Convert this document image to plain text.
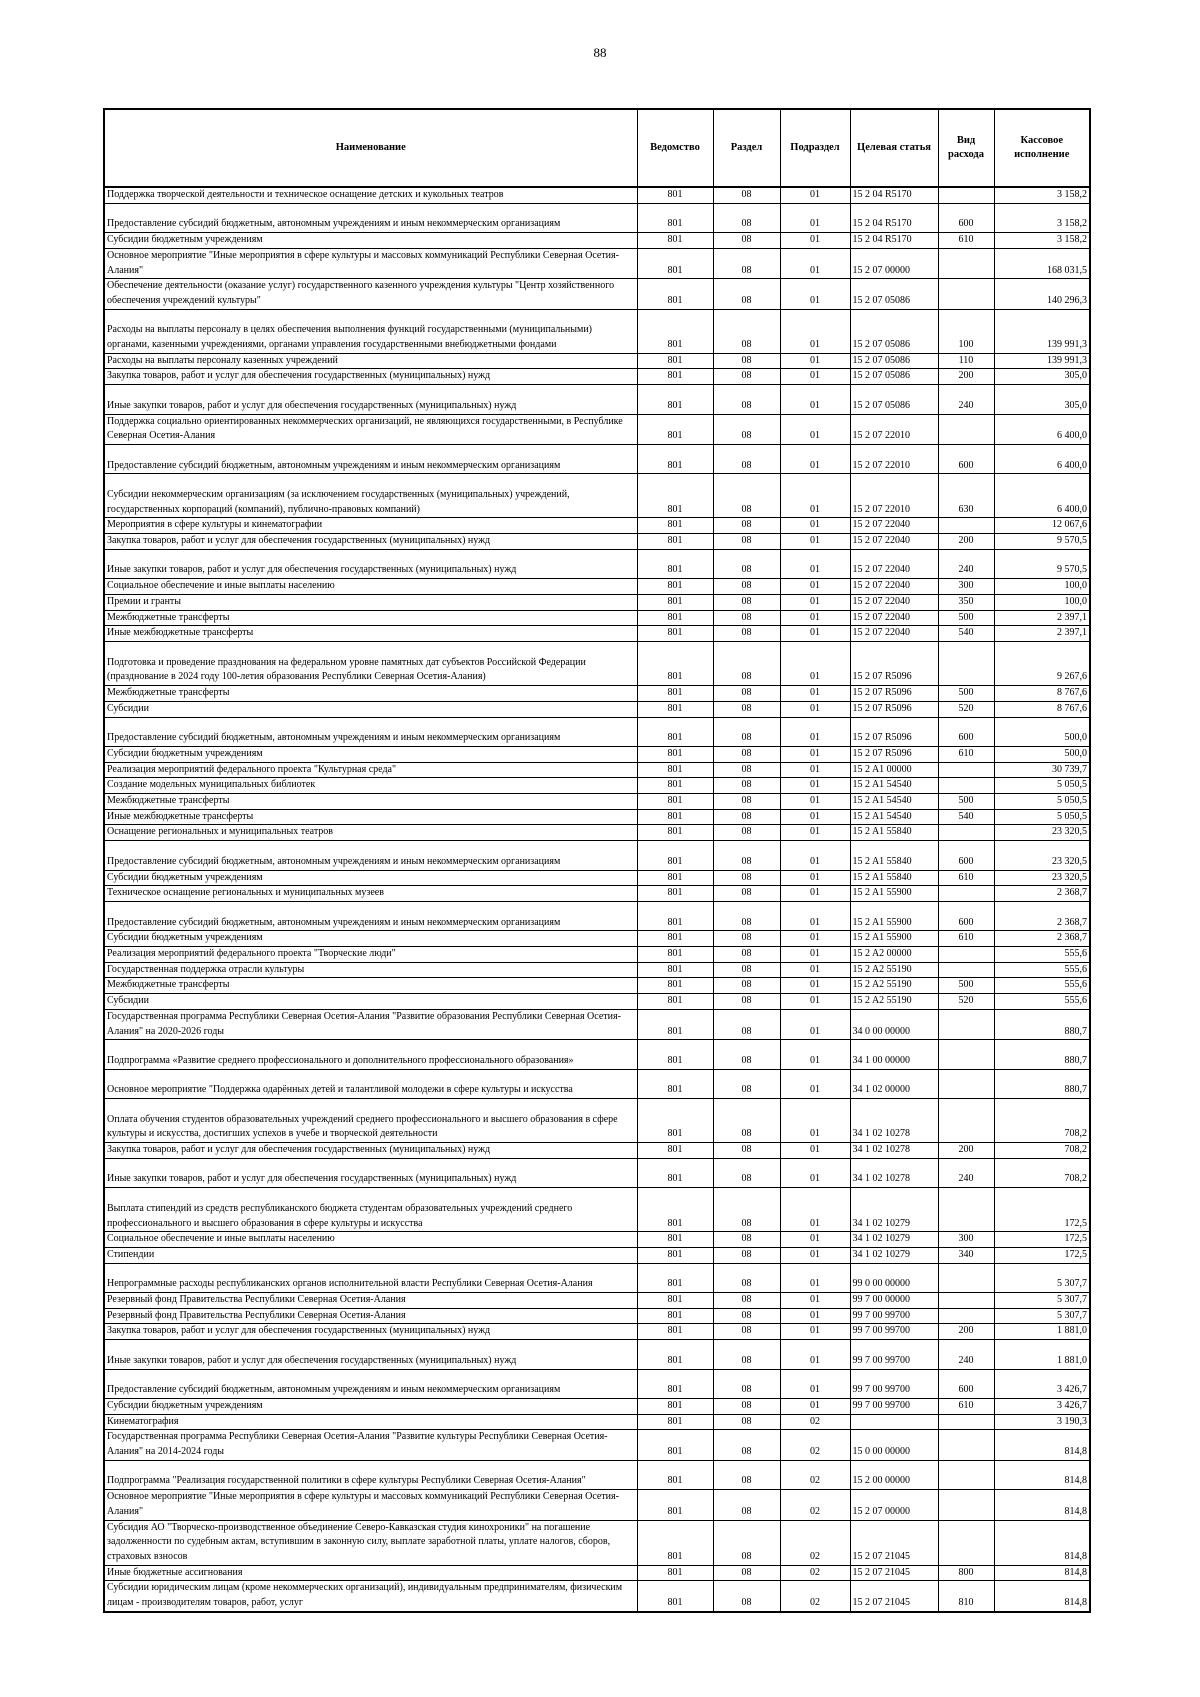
88
Наименование	Ведомство	Раздел	Подраздел	Целевая статья	Вид расхода	Кассовое исполнение
Поддержка творческой деятельности и техническое оснащение детских и кукольных театров	801	08	01	15 2 04 R5170		3 158,2
Предоставление субсидий бюджетным, автономным учреждениям и иным некоммерческим организациям	801	08	01	15 2 04 R5170	600	3 158,2
Субсидии бюджетным учреждениям	801	08	01	15 2 04 R5170	610	3 158,2
Основное мероприятие "Иные мероприятия в сфере культуры и массовых коммуникаций Республики Северная Осетия-Алания"	801	08	01	15 2 07 00000		168 031,5
Обеспечение деятельности (оказание услуг) государственного казенного учреждения культуры "Центр хозяйственного обеспечения учреждений культуры"	801	08	01	15 2 07 05086		140 296,3
Расходы на выплаты персоналу в целях обеспечения выполнения функций государственными (муниципальными) органами, казенными учреждениями, органами управления государственными внебюджетными фондами	801	08	01	15 2 07 05086	100	139 991,3
Расходы на выплаты персоналу казенных учреждений	801	08	01	15 2 07 05086	110	139 991,3
Закупка товаров, работ и услуг для обеспечения государственных (муниципальных) нужд	801	08	01	15 2 07 05086	200	305,0
Иные закупки товаров, работ и услуг для обеспечения государственных (муниципальных) нужд	801	08	01	15 2 07 05086	240	305,0
Поддержка социально ориентированных некоммерческих организаций, не являющихся государственными, в Республике Северная Осетия-Алания	801	08	01	15 2 07 22010		6 400,0
Предоставление субсидий бюджетным, автономным учреждениям и иным некоммерческим организациям	801	08	01	15 2 07 22010	600	6 400,0
Субсидии некоммерческим организациям (за исключением государственных (муниципальных) учреждений, государственных корпораций (компаний), публично-правовых компаний)	801	08	01	15 2 07 22010	630	6 400,0
Мероприятия в сфере культуры и кинематографии	801	08	01	15 2 07 22040		12 067,6
Закупка товаров, работ и услуг для обеспечения государственных (муниципальных) нужд	801	08	01	15 2 07 22040	200	9 570,5
Иные закупки товаров, работ и услуг для обеспечения государственных (муниципальных) нужд	801	08	01	15 2 07 22040	240	9 570,5
Социальное обеспечение и иные выплаты населению	801	08	01	15 2 07 22040	300	100,0
Премии и гранты	801	08	01	15 2 07 22040	350	100,0
Межбюджетные трансферты	801	08	01	15 2 07 22040	500	2 397,1
Иные межбюджетные трансферты	801	08	01	15 2 07 22040	540	2 397,1
Подготовка и проведение празднования на федеральном уровне памятных дат субъектов Российской Федерации (празднование в 2024 году 100-летия образования Республики Северная Осетия-Алания)	801	08	01	15 2 07 R5096		9 267,6
Межбюджетные трансферты	801	08	01	15 2 07 R5096	500	8 767,6
Субсидии	801	08	01	15 2 07 R5096	520	8 767,6
Предоставление субсидий бюджетным, автономным учреждениям и иным некоммерческим организациям	801	08	01	15 2 07 R5096	600	500,0
Субсидии бюджетным учреждениям	801	08	01	15 2 07 R5096	610	500,0
Реализация мероприятий федерального проекта "Культурная среда"	801	08	01	15 2 A1 00000		30 739,7
Создание модельных муниципальных библиотек	801	08	01	15 2 A1 54540		5 050,5
Межбюджетные трансферты	801	08	01	15 2 A1 54540	500	5 050,5
Иные межбюджетные трансферты	801	08	01	15 2 A1 54540	540	5 050,5
Оснащение региональных и муниципальных театров	801	08	01	15 2 A1 55840		23 320,5
Предоставление субсидий бюджетным, автономным учреждениям и иным некоммерческим организациям	801	08	01	15 2 A1 55840	600	23 320,5
Субсидии бюджетным учреждениям	801	08	01	15 2 A1 55840	610	23 320,5
Техническое оснащение региональных и муниципальных музеев	801	08	01	15 2 A1 55900		2 368,7
Предоставление субсидий бюджетным, автономным учреждениям и иным некоммерческим организациям	801	08	01	15 2 A1 55900	600	2 368,7
Субсидии бюджетным учреждениям	801	08	01	15 2 A1 55900	610	2 368,7
Реализация мероприятий федерального проекта "Творческие люди"	801	08	01	15 2 A2 00000		555,6
Государственная поддержка отрасли культуры	801	08	01	15 2 A2 55190		555,6
Межбюджетные трансферты	801	08	01	15 2 A2 55190	500	555,6
Субсидии	801	08	01	15 2 A2 55190	520	555,6
Государственная программа Республики Северная Осетия-Алания "Развитие образования Республики Северная Осетия-Алания" на 2020-2026 годы	801	08	01	34 0 00 00000		880,7
Подпрограмма «Развитие среднего профессионального и дополнительного профессионального образования»	801	08	01	34 1 00 00000		880,7
Основное мероприятие "Поддержка одарённых детей и талантливой молодежи в сфере культуры и искусства	801	08	01	34 1 02 00000		880,7
Оплата обучения студентов образовательных учреждений среднего профессионального и высшего образования в сфере культуры и искусства, достигших успехов в учебе и творческой деятельности	801	08	01	34 1 02 10278		708,2
Закупка товаров, работ и услуг для обеспечения государственных (муниципальных) нужд	801	08	01	34 1 02 10278	200	708,2
Иные закупки товаров, работ и услуг для обеспечения государственных (муниципальных) нужд	801	08	01	34 1 02 10278	240	708,2
Выплата стипендий из средств республиканского бюджета студентам образовательных учреждений среднего профессионального и высшего образования в сфере культуры и искусства	801	08	01	34 1 02 10279		172,5
Социальное обеспечение и иные выплаты населению	801	08	01	34 1 02 10279	300	172,5
Стипендии	801	08	01	34 1 02 10279	340	172,5
Непрограммные расходы республиканских органов исполнительной власти Республики Северная Осетия-Алания	801	08	01	99 0 00 00000		5 307,7
Резервный фонд Правительства Республики Северная Осетия-Алания	801	08	01	99 7 00 00000		5 307,7
Резервный фонд Правительства Республики Северная Осетия-Алания	801	08	01	99 7 00 99700		5 307,7
Закупка товаров, работ и услуг для обеспечения государственных (муниципальных) нужд	801	08	01	99 7 00 99700	200	1 881,0
Иные закупки товаров, работ и услуг для обеспечения государственных (муниципальных) нужд	801	08	01	99 7 00 99700	240	1 881,0
Предоставление субсидий бюджетным, автономным учреждениям и иным некоммерческим организациям	801	08	01	99 7 00 99700	600	3 426,7
Субсидии бюджетным учреждениям	801	08	01	99 7 00 99700	610	3 426,7
Кинематография	801	08	02			3 190,3
Государственная программа Республики Северная Осетия-Алания "Развитие культуры Республики Северная Осетия-Алания" на 2014-2024 годы	801	08	02	15 0 00 00000		814,8
Подпрограмма "Реализация государственной политики в сфере культуры Республики Северная Осетия-Алания"	801	08	02	15 2 00 00000		814,8
Основное мероприятие "Иные мероприятия в сфере культуры и массовых коммуникаций Республики Северная Осетия-Алания"	801	08	02	15 2 07 00000		814,8
Субсидия АО "Творческо-производственное объединение Северо-Кавказская студия кинохроники" на погашение задолженности по судебным актам, вступившим в законную силу, выплате заработной платы, уплате налогов, сборов, страховых взносов	801	08	02	15 2 07 21045		814,8
Иные бюджетные ассигнования	801	08	02	15 2 07 21045	800	814,8
Субсидии юридическим лицам (кроме некоммерческих организаций), индивидуальным предпринимателям, физическим лицам - производителям товаров, работ, услуг	801	08	02	15 2 07 21045	810	814,8
